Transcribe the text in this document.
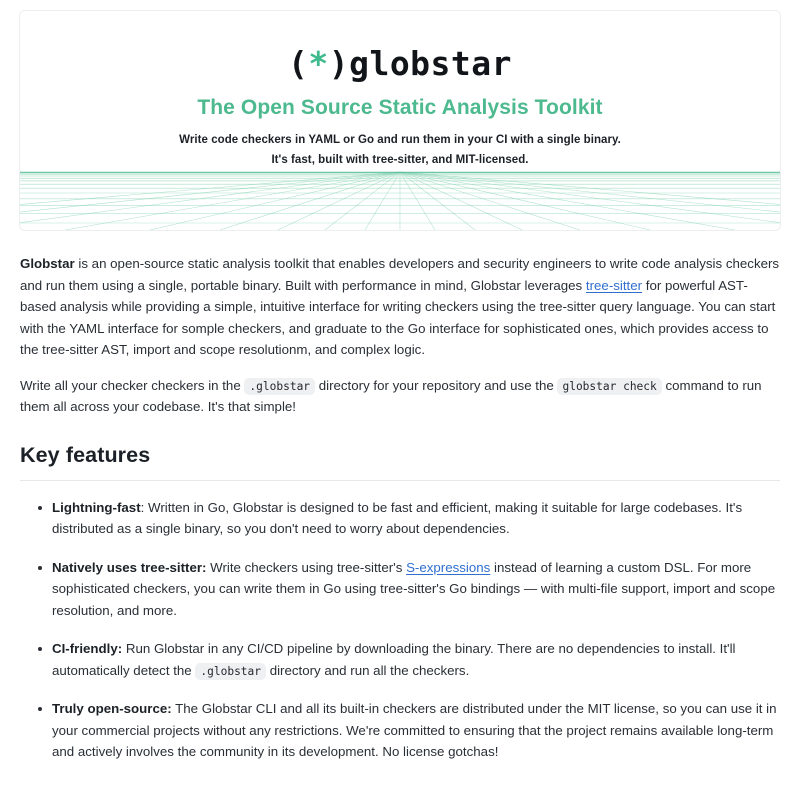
(*)globstar

The Open Source Static Analysis Toolkit

Write code checkers in YAML or Go and run them in your CI with a single binary.

It's fast, built with tree-sitter, and MIT-licensed.

Globstar is an open-source static analysis toolkit that enables developers and security engineers to write code analysis checkers and run them using a single, portable binary. Built with performance in mind, Globstar leverages tree-sitter for powerful AST-based analysis while providing a simple, intuitive interface for writing checkers using the tree-sitter query language. You can start with the YAML interface for somple checkers, and graduate to the Go interface for sophisticated ones, which provides access to the tree-sitter AST, import and scope resolutionm, and complex logic.

Write all your checker checkers in the .globstar directory for your repository and use the globstar check command to run them all across your codebase. It's that simple!

Key features
Lightning-fast: Written in Go, Globstar is designed to be fast and efficient, making it suitable for large codebases. It's distributed as a single binary, so you don't need to worry about dependencies.
Natively uses tree-sitter: Write checkers using tree-sitter's S-expressions instead of learning a custom DSL. For more sophisticated checkers, you can write them in Go using tree-sitter's Go bindings — with multi-file support, import and scope resolution, and more.
CI-friendly: Run Globstar in any CI/CD pipeline by downloading the binary. There are no dependencies to install. It'll automatically detect the .globstar directory and run all the checkers.
Truly open-source: The Globstar CLI and all its built-in checkers are distributed under the MIT license, so you can use it in your commercial projects without any restrictions. We're committed to ensuring that the project remains available long-term and actively involves the community in its development. No license gotchas!
